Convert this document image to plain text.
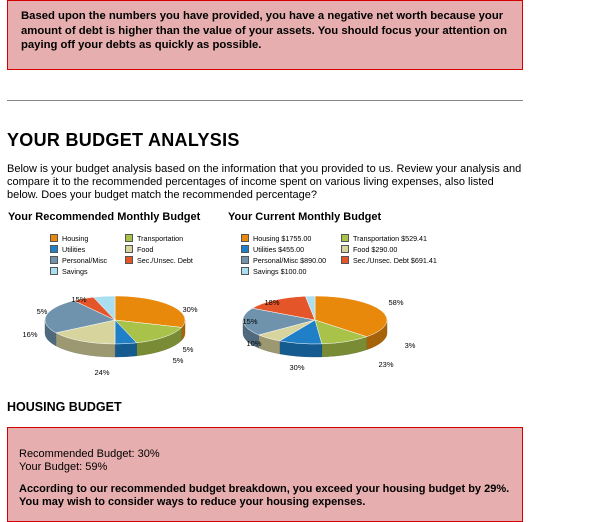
Based upon the numbers you have provided, you have a negative net worth because your amount of debt is higher than the value of your assets. You should focus your attention on paying off your debts as quickly as possible.

YOUR BUDGET ANALYSIS

Below is your budget analysis based on the information that you provided to us. Review your analysis and compare it to the recommended percentages of income spent on various living expenses, also listed below. Does your budget match the recommended percentage?

Your Recommended Monthly Budget	Your Current Monthly Budget
Housing	Transportation
Utilities	Food
Personal/Misc	Sec./Unsec. Debt
Savings
Housing $1755.00	Transportation $529.41
Utilities $455.00	Food $290.00
Personal/Misc $890.00	Sec./Unsec. Debt $691.41
Savings $100.00
30%
15%
5%
16%
24%
5%
5%
58%
18%
15%
10%
30%	23%
3%
HOUSING BUDGET

Recommended Budget: 30%

Your Budget: 59%

According to our recommended budget breakdown, you exceed your housing budget by 29%. You may wish to consider ways to reduce your housing expenses.
